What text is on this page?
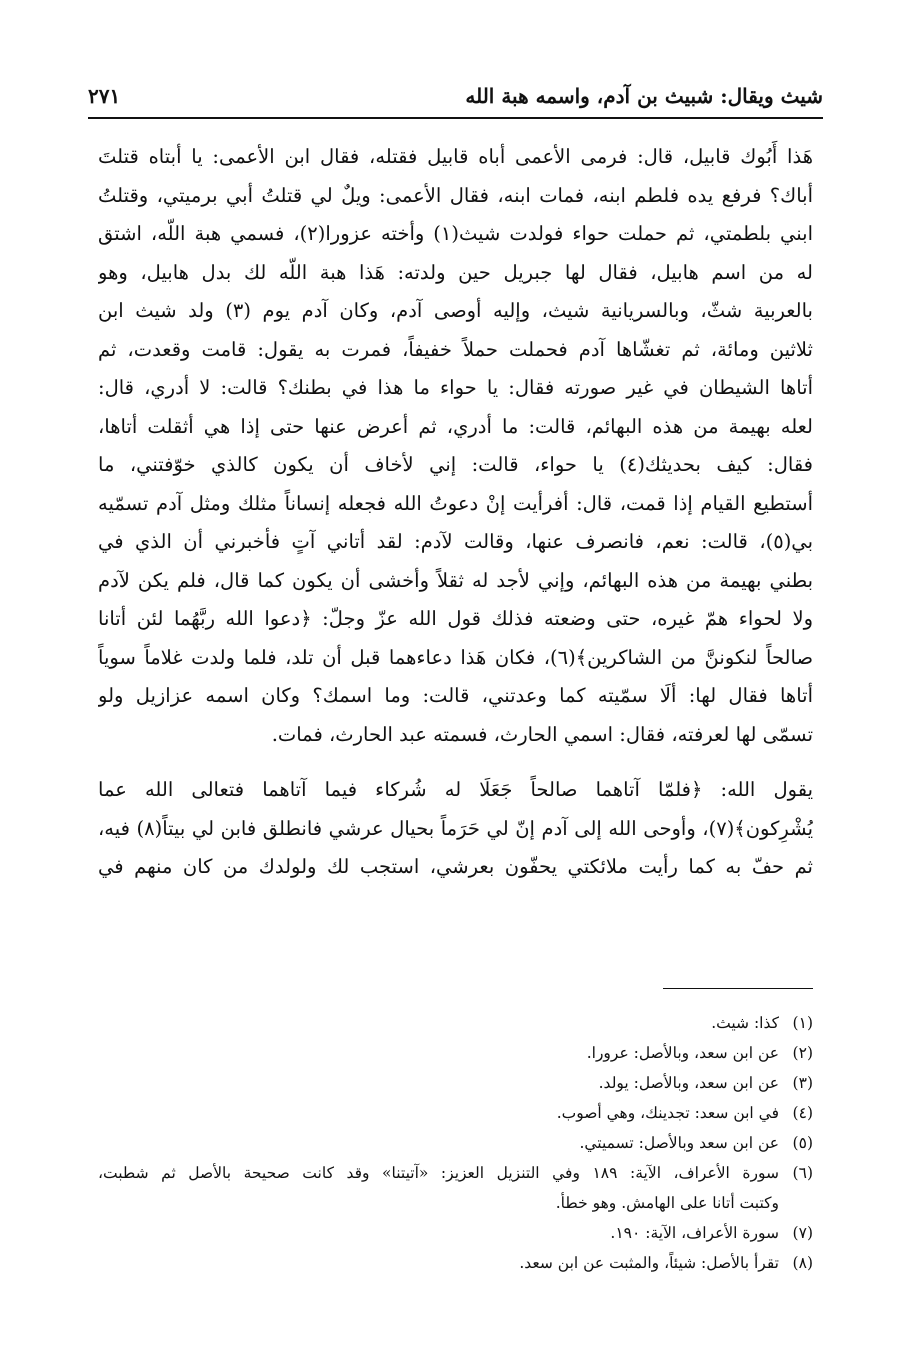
شيث ويقال: شبيث بن آدم، واسمه هبة الله
٢٧١

هَذا أَبُوك قابيل، قال: فرمى الأعمى أباه قابيل فقتله، فقال ابن الأعمى: يا أبتاه قتلتَ
أباك؟ فرفع يده فلطم ابنه، فمات ابنه، فقال الأعمى: ويلٌ لي قتلتُ أبي برميتي، وقتلتُ
ابني بلطمتي، ثم حملت حواء فولدت شيث(١) وأخته عزورا(٢)، فسمي هبة اللّه، اشتق
له من اسم هابيل، فقال لها جبريل حين ولدته: هَذا هبة اللّه لك بدل هابيل، وهو
بالعربية شثّ، وبالسريانية شيث، وإليه أوصى آدم، وكان آدم يوم (٣) ولد شيث ابن
ثلاثين ومائة، ثم تغشّاها آدم فحملت حملاً خفيفاً، فمرت به يقول: قامت وقعدت، ثم
أتاها الشيطان في غير صورته فقال: يا حواء ما هذا في بطنك؟ قالت: لا أدري، قال:
لعله بهيمة من هذه البهائم، قالت: ما أدري، ثم أعرض عنها حتى إذا هي أثقلت أتاها،
فقال: كيف بحديثك(٤) يا حواء، قالت: إني لأخاف أن يكون كالذي خوّفتني، ما
أستطيع القيام إذا قمت، قال: أفرأيت إنْ دعوتُ الله فجعله إنساناً مثلك ومثل آدم تسمّيه
بي(٥)، قالت: نعم، فانصرف عنها، وقالت لآدم: لقد أتاني آتٍ فأخبرني أن الذي في
بطني بهيمة من هذه البهائم، وإني لأجد له ثقلاً وأخشى أن يكون كما قال، فلم يكن لآدم
ولا لحواء همّ غيره، حتى وضعته فذلك قول الله عزّ وجلّ: ﴿دعوا الله ربَّهُما لئن أتانا
صالحاً لنكوننَّ من الشاكرين﴾(٦)، فكان هَذا دعاءهما قبل أن تلد، فلما ولدت غلاماً سوياً
أتاها فقال لها: ألَا سمّيته كما وعدتني، قالت: وما اسمك؟ وكان اسمه عزازيل ولو
تسمّى لها لعرفته، فقال: اسمي الحارث، فسمته عبد الحارث، فمات.

يقول الله: ﴿فلمّا آتاهما صالحاً جَعَلَا له شُركاء فيما آتاهما فتعالى الله عما
يُشْرِكون﴾(٧)، وأوحى الله إلى آدم إنّ لي حَرَماً بحيال عرشي فانطلق فابن لي بيتاً(٨) فيه،
ثم حفّ به كما رأيت ملائكتي يحفّون بعرشي، استجب لك ولولدك من كان منهم في

(١)
كذا: شيث.
(٢)
عن ابن سعد، وبالأصل: عرورا.
(٣)
عن ابن سعد، وبالأصل: يولد.
(٤)
في ابن سعد: تجدينك، وهي أصوب.
(٥)
عن ابن سعد وبالأصل: تسميتي.
(٦)
سورة الأعراف، الآية: ١٨٩ وفي التنزيل العزيز: «آتيتنا» وقد كانت صحيحة بالأصل ثم شطبت،
وكتبت أتانا على الهامش. وهو خطأ.
(٧)
سورة الأعراف، الآية: ١٩٠.
(٨)
تقرأ بالأصل: شيئاً، والمثبت عن ابن سعد.
